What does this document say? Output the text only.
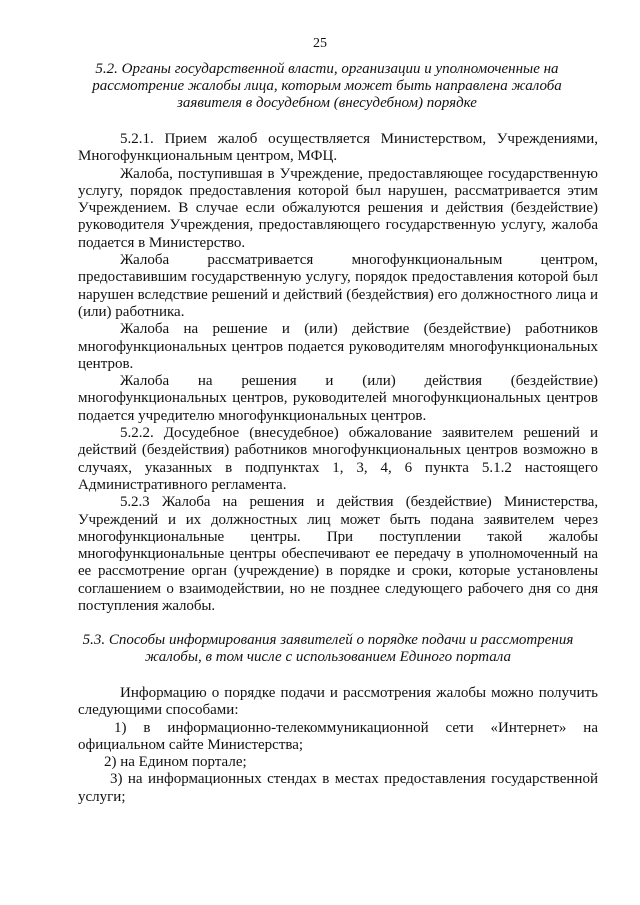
25
5.2. Органы государственной власти, организации и уполномоченные на
рассмотрение жалобы лица, которым может быть направлена жалоба
заявителя в досудебном (внесудебном) порядке

5.2.1. Прием жалоб осуществляется Министерством, Учреждениями, Многофункциональным центром, МФЦ.

Жалоба, поступившая в Учреждение, предоставляющее государственную услугу, порядок предоставления которой был нарушен, рассматривается этим Учреждением. В случае если обжалуются решения и действия (бездействие) руководителя Учреждения, предоставляющего государственную услугу, жалоба подается в Министерство.

Жалоба рассматривается многофункциональным центром, предоставившим государственную услугу, порядок предоставления которой был нарушен вследствие решений и действий (бездействия) его должностного лица и (или) работника.

Жалоба на решение и (или) действие (бездействие) работников многофункциональных центров подается руководителям многофункциональных центров.

Жалоба на решения и (или) действия (бездействие) многофункциональных центров, руководителей многофункциональных центров подается учредителю многофункциональных центров.

5.2.2. Досудебное (внесудебное) обжалование заявителем решений и действий (бездействия) работников многофункциональных центров возможно в случаях, указанных в подпунктах 1, 3, 4, 6 пункта 5.1.2 настоящего Административного регламента.

5.2.3 Жалоба на решения и действия (бездействие) Министерства, Учреждений и их должностных лиц может быть подана заявителем через многофункциональные центры. При поступлении такой жалобы многофункциональные центры обеспечивают ее передачу в уполномоченный на ее рассмотрение орган (учреждение) в порядке и сроки, которые установлены соглашением о взаимодействии, но не позднее следующего рабочего дня со дня поступления жалобы.

5.3. Способы информирования заявителей о порядке подачи и рассмотрения
жалобы, в том числе с использованием Единого портала

Информацию о порядке подачи и рассмотрения жалобы можно получить следующими способами:

1) в информационно-телекоммуникационной сети «Интернет» на официальном сайте Министерства;

2) на Едином портале;

3) на информационных стендах в местах предоставления государственной услуги;
